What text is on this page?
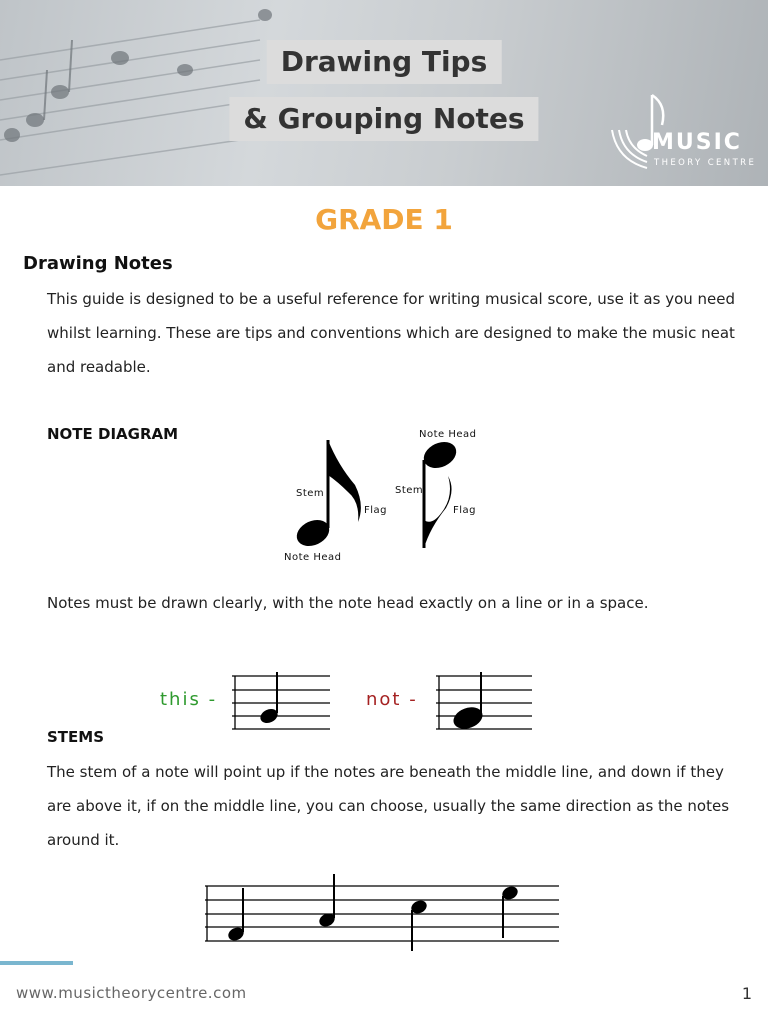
Drawing Tips
& Grouping Notes
MUSIC
THEORY CENTRE
GRADE 1
Drawing Notes
This guide is designed to be a useful reference for writing musical score, use it as you need whilst learning. These are tips and conventions which are designed to make the music neat and readable.
NOTE DIAGRAM
Stem
Flag
Note Head
Note Head
Stem
Flag
Notes must be drawn clearly, with the note head exactly on a line or in a space.
this -	not -
STEMS
The stem of a note will point up if the notes are beneath the middle line, and down if they are above it, if on the middle line, you can choose, usually the same direction as the notes around it.
www.musictheorycentre.com	1
